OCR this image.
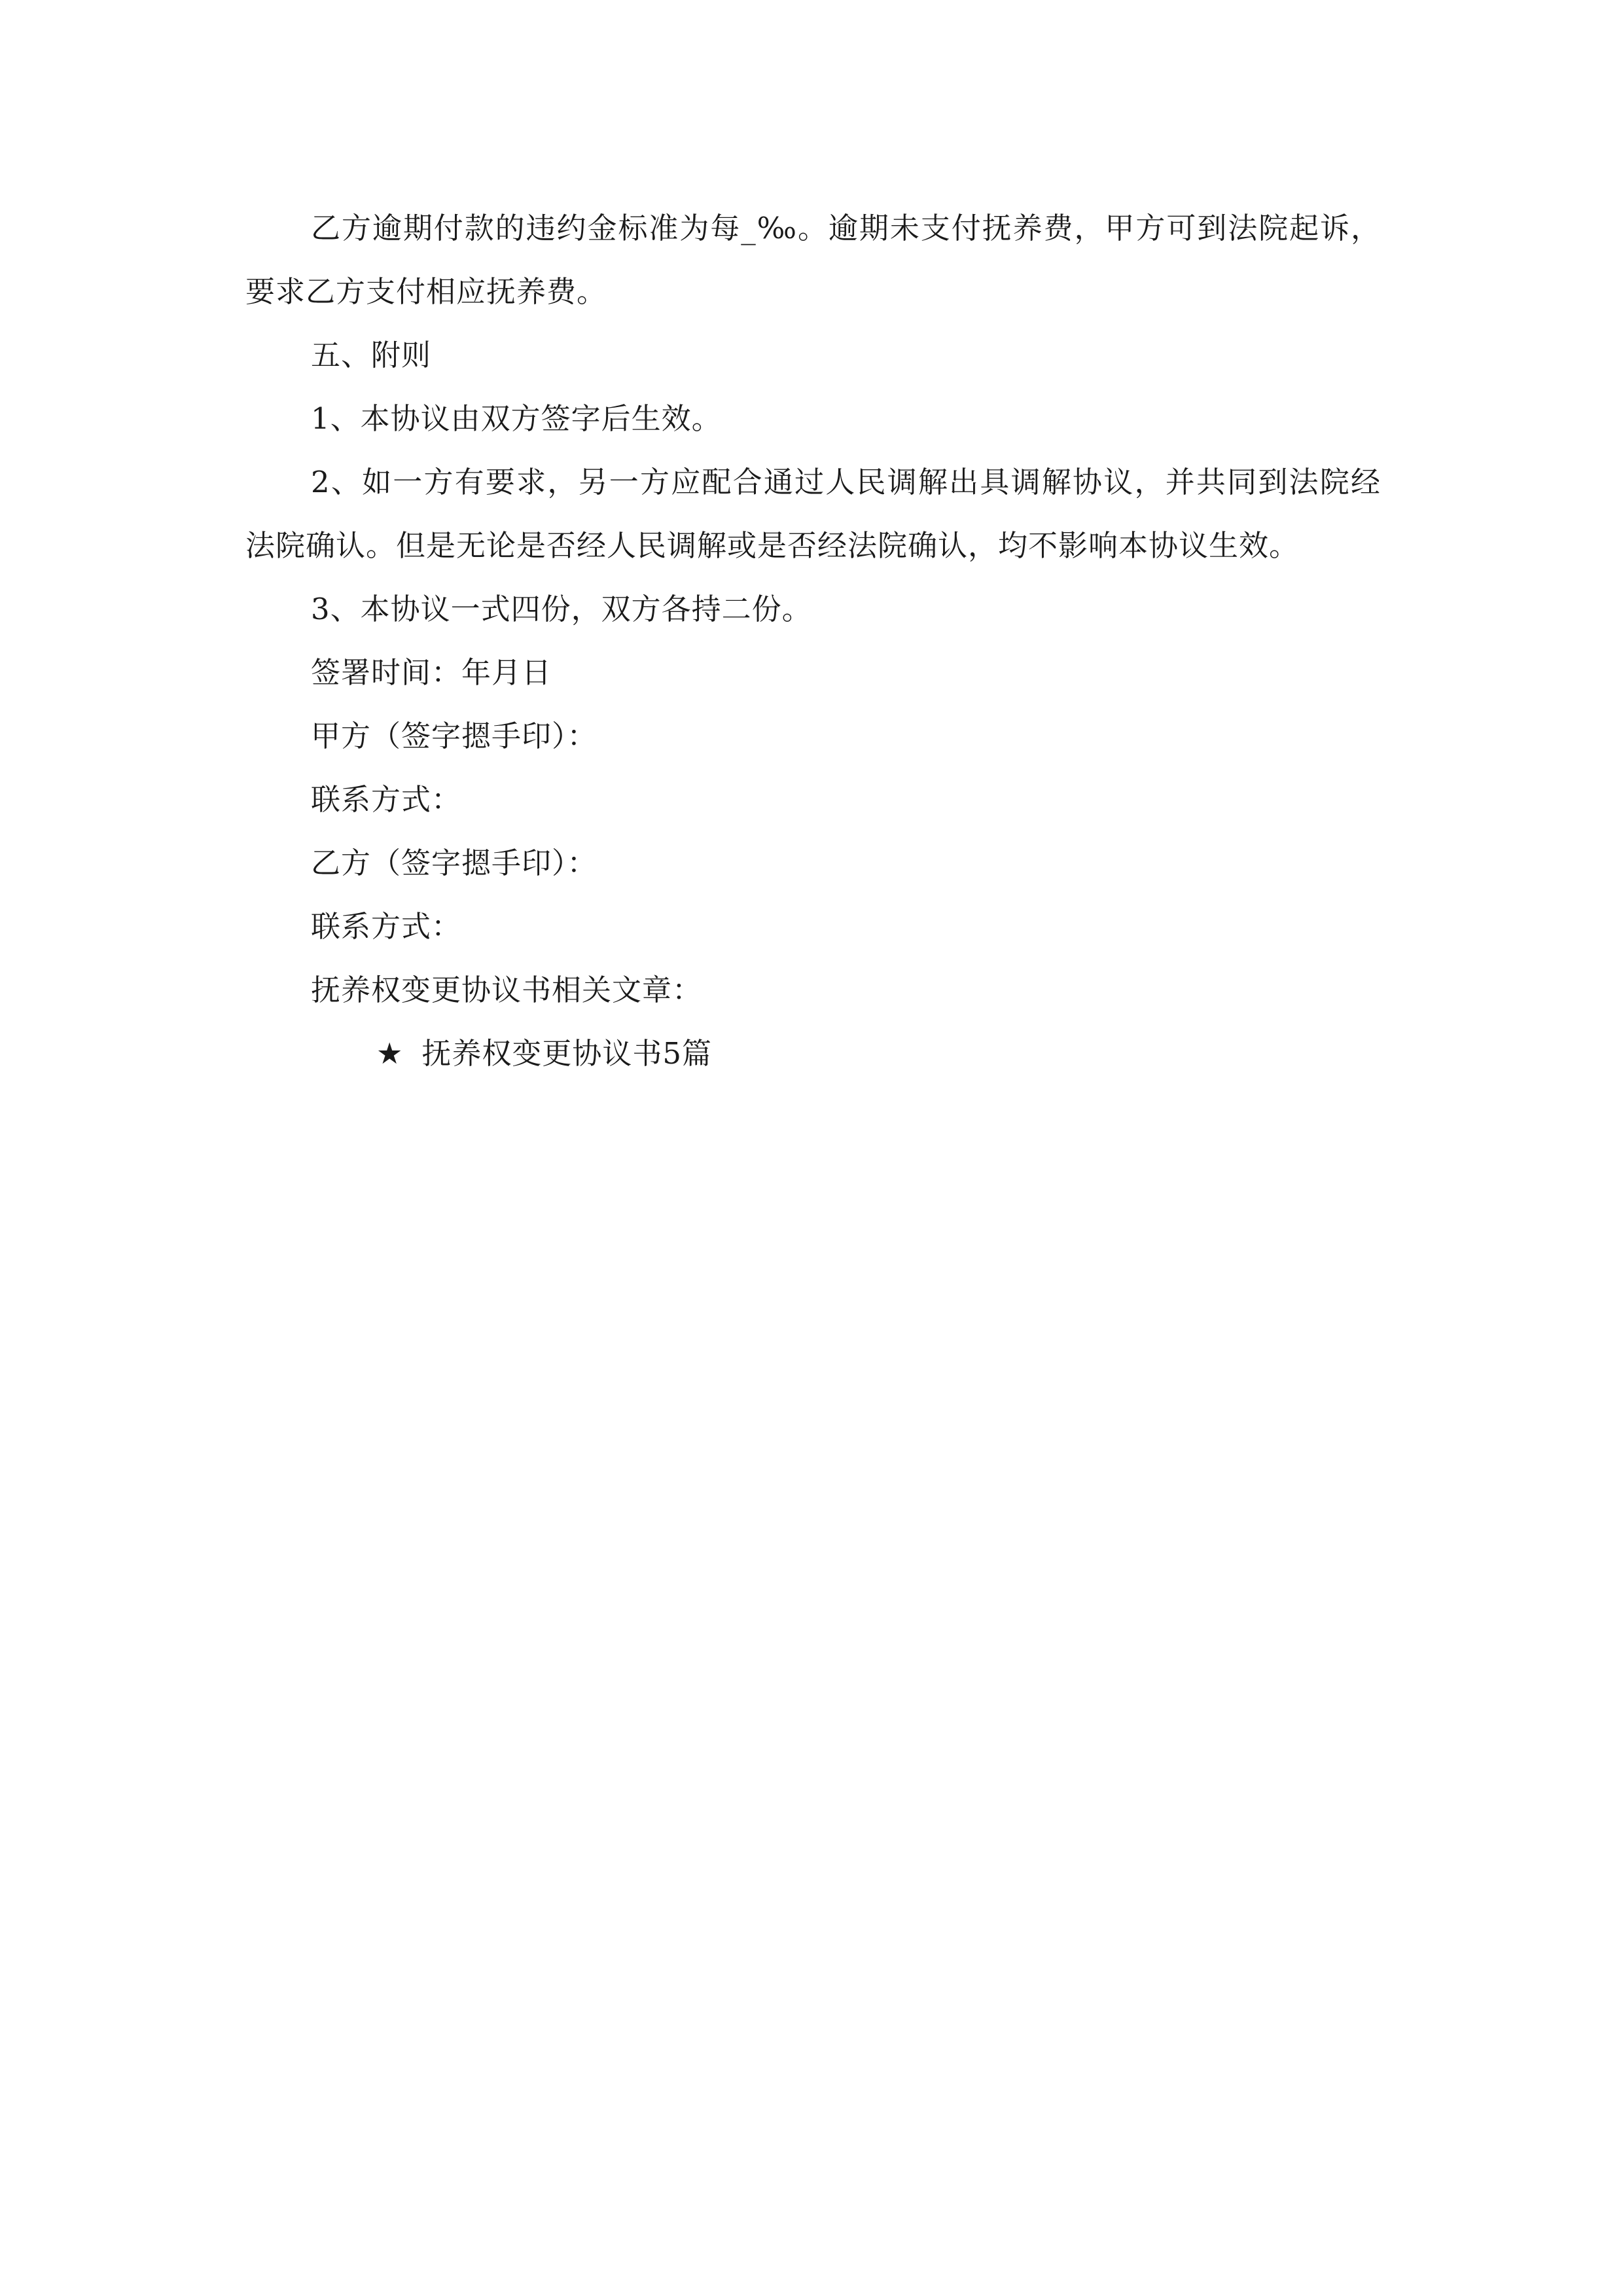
乙方逾期付款的违约金标准为每_‰。逾期未支付抚养费，甲方可到法院起诉，要求乙方支付相应抚养费。

五、附则

1、本协议由双方签字后生效。

2、如一方有要求，另一方应配合通过人民调解出具调解协议，并共同到法院经法院确认。但是无论是否经人民调解或是否经法院确认，均不影响本协议生效。

3、本协议一式四份，双方各持二份。

签署时间：年月日

甲方（签字摁手印）：

联系方式：

乙方（签字摁手印）：

联系方式：

抚养权变更协议书相关文章：

★ 抚养权变更协议书5篇
